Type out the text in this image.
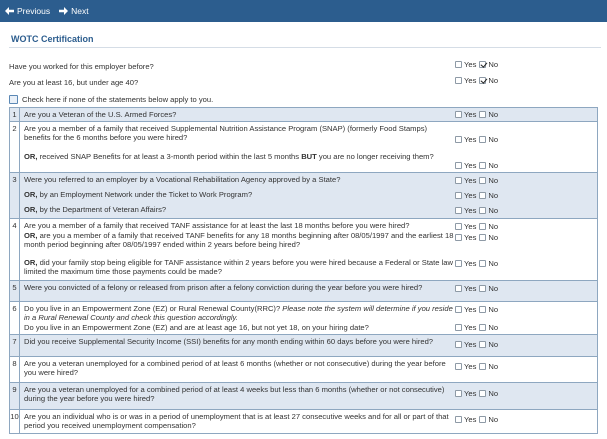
Previous Next
WOTC Certification
Have you worked for this employer before?	Yes No
Are you at least 16, but under age 40?	Yes No
Check here if none of the statements below apply to you.
1 Are you a Veteran of the U.S. Armed Forces?	Yes No
2 Are you a member of a family that received Supplemental Nutrition Assistance Program (SNAP) (formerly Food Stamps) benefits for the 6 months before you were hired?	Yes No
OR, received SNAP Benefits for at least a 3-month period within the last 5 months BUT you are no longer receiving them?
Yes No
3 Were you referred to an employer by a Vocational Rehabilitation Agency approved by a State?	Yes No
OR, by an Employment Network under the Ticket to Work Program?	Yes No
OR, by the Department of Veteran Affairs?	Yes No
4 Are you a member of a family that received TANF assistance for at least the last 18 months before you were hired?	Yes No
OR, are you a member of a family that received TANF benefits for any 18 months beginning after 08/05/1997 and the earliest 18 month period beginning after 08/05/1997 ended within 2 years before being hired?
Yes No
OR, did your family stop being eligible for TANF assistance within 2 years before you were hired because a Federal or State law limited the maximum time those payments could be made?
Yes No
5 Were you convicted of a felony or released from prison after a felony conviction during the year before you were hired?	Yes No
6 Do you live in an Empowerment Zone (EZ) or Rural Renewal County(RRC)? Please note the system will determine if you reside in a Rural Renewal County and check this question accordingly.
Yes No
Do you live in an Empowerment Zone (EZ) and are at least age 16, but not yet 18, on your hiring date?	Yes No
7 Did you receive Supplemental Security Income (SSI) benefits for any month ending within 60 days before you were hired?	Yes No
8 Are you a veteran unemployed for a combined period of at least 6 months (whether or not consecutive) during the year before you were hired?
Yes No
9 Are you a veteran unemployed for a combined period of at least 4 weeks but less than 6 months (whether or not consecutive) during the year before you were hired?
Yes No
10 Are you an individual who is or was in a period of unemployment that is at least 27 consecutive weeks and for all or part of that period you received unemployment compensation?
Yes No
